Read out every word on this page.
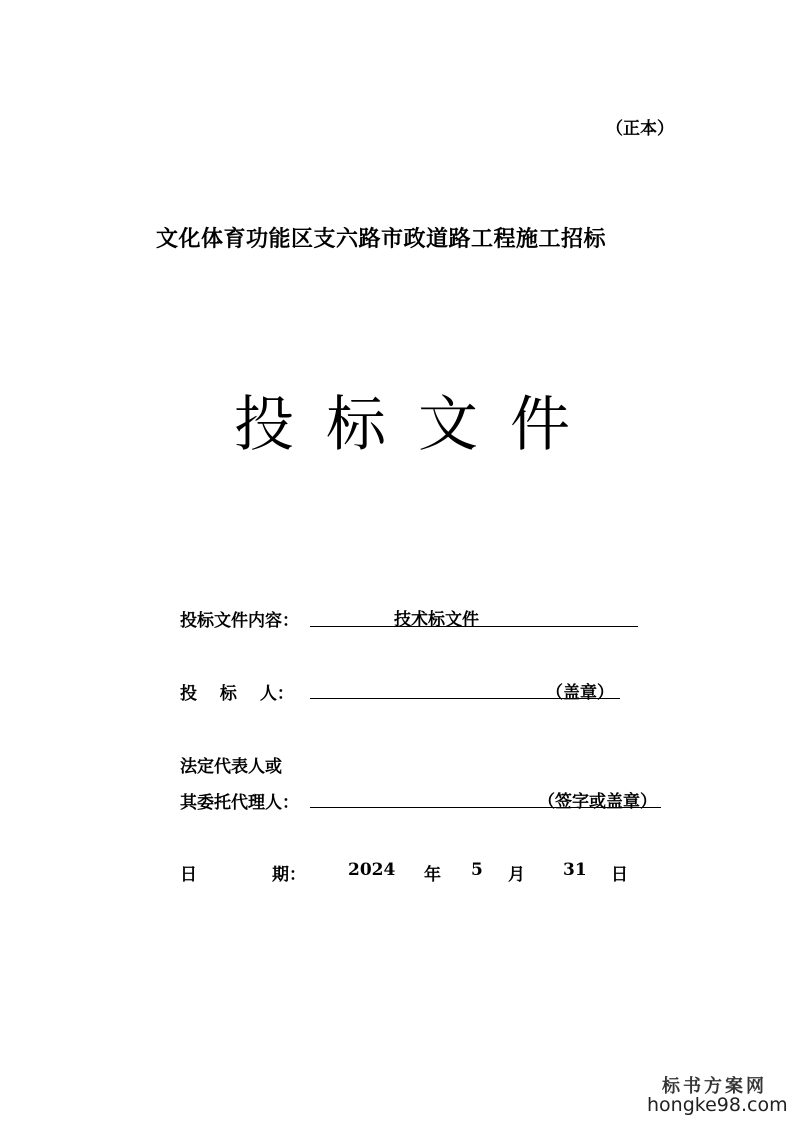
（正本）
文化体育功能区支六路市政道路工程施工招标
投标文件
投标文件内容：	技术标文件
投　 标　 人：	（盖章）
法定代表人或
其委托代理人：	（签字或盖章）
日	期： 2024 年 5 月 31 日
标书方案网
hongke98.com
